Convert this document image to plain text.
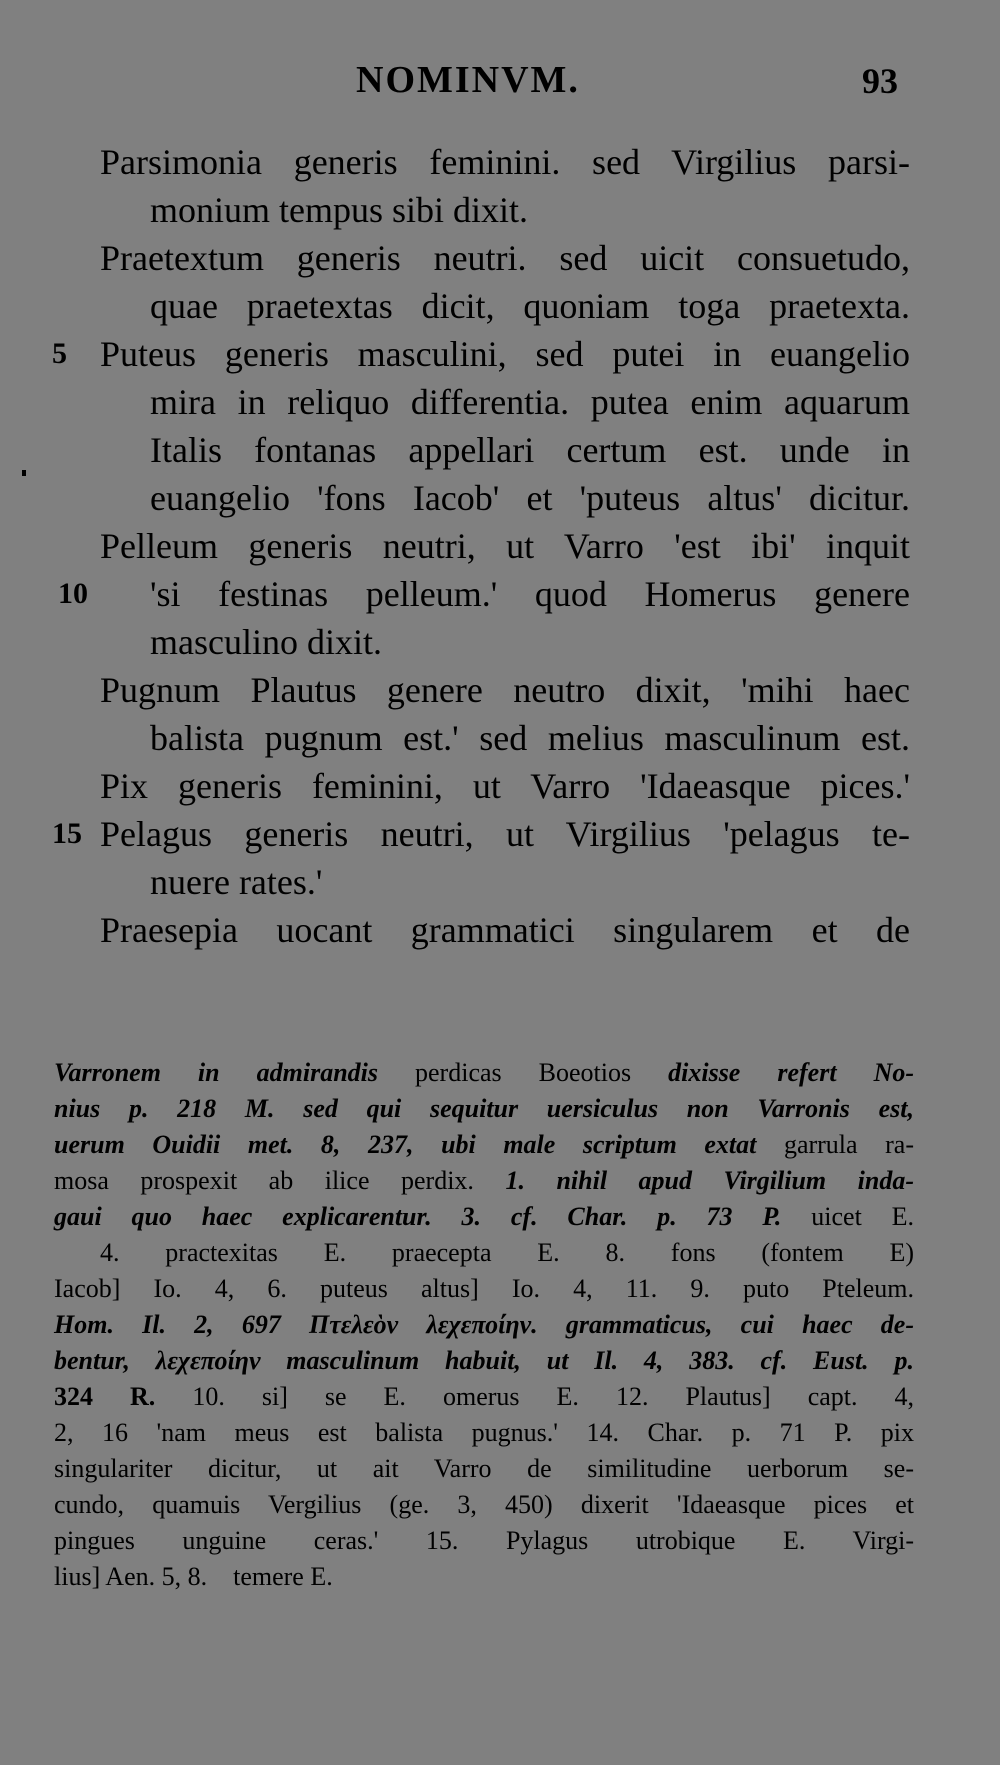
NOMINVM.	93
Parsimonia generis feminini. sed Virgilius parsi-
monium tempus sibi dixit.
Praetextum generis neutri. sed uicit consuetudo,
quae praetextas dicit, quoniam toga praetexta.
5 Puteus generis masculini, sed putei in euangelio
mira in reliquo differentia. putea enim aquarum
Italis fontanas appellari certum est. unde in
euangelio 'fons Iacob' et 'puteus altus' dicitur.
Pelleum generis neutri, ut Varro 'est ibi' inquit
10 'si festinas pelleum.' quod Homerus genere
masculino dixit.
Pugnum Plautus genere neutro dixit, 'mihi haec
balista pugnum est.' sed melius masculinum est.
Pix generis feminini, ut Varro 'Idaeasque pices.'
15 Pelagus generis neutri, ut Virgilius 'pelagus te-
nuere rates.'
Praesepia uocant grammatici singularem et de
Varronem in admirandis perdicas Boeotios dixisse refert No-
nius p. 218 M. sed qui sequitur uersiculus non Varronis est,
uerum Ouidii met. 8, 237, ubi male scriptum extat garrula ra-
mosa prospexit ab ilice perdix. 1. nihil apud Virgilium inda-
gaui quo haec explicarentur. 3. cf. Char. p. 73 P. uicet E.
4. practexitas E. praecepta E. 8. fons (fontem E)
Iacob] Io. 4, 6. puteus altus] Io. 4, 11. 9. puto Pteleum.
Hom. Il. 2, 697 Πτελεὸν λεχεποίην. grammaticus, cui haec de-
bentur, λεχεποίην masculinum habuit, ut Il. 4, 383. cf. Eust. p.
324 R. 10. si] se E. omerus E. 12. Plautus] capt. 4,
2, 16 'nam meus est balista pugnus.' 14. Char. p. 71 P. pix
singulariter dicitur, ut ait Varro de similitudine uerborum se-
cundo, quamuis Vergilius (ge. 3, 450) dixerit 'Idaeasque pices et
pingues unguine ceras.' 15. Pylagus utrobique E. Virgi-
lius] Aen. 5, 8. temere E.
